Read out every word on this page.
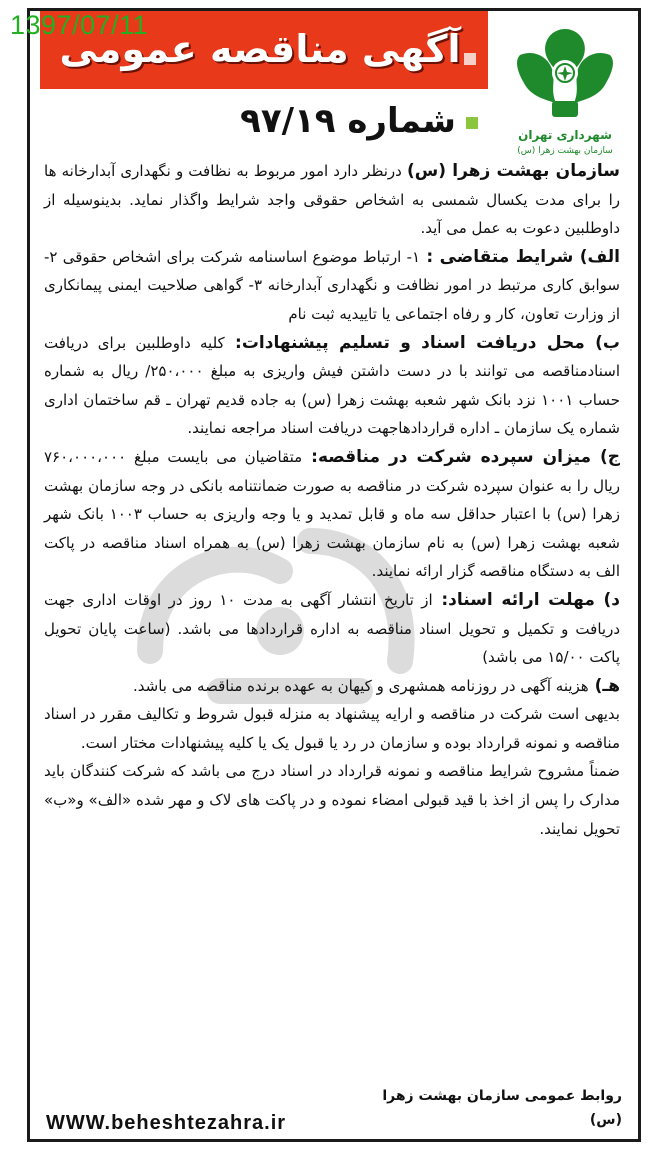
1397/07/11
آگهی مناقصه عمومی
شهرداری تهران
سازمان بهشت زهرا (س)
شماره ۹۷/۱۹

سازمان بهشت زهرا (س) درنظر دارد امور مربوط به نظافت و نگهداری آبدارخانه ها را برای مدت یکسال شمسی به اشخاص حقوقی واجد شرایط واگذار نماید. بدینوسیله از داوطلبین دعوت به عمل می آید.

الف) شرایط متقاضی : ۱- ارتباط موضوع اساسنامه شرکت برای اشخاص حقوقی ۲- سوابق کاری مرتبط در امور نظافت و نگهداری آبدارخانه ۳- گواهی صلاحیت ایمنی پیمانکاری از وزارت تعاون، کار و رفاه اجتماعی یا تاییدیه ثبت نام

ب) محل دریافت اسناد و تسلیم پیشنهادات: کلیه داوطلبین برای دریافت اسنادمناقصه می توانند با در دست داشتن فیش واریزی به مبلغ ۲۵۰،۰۰۰/ ریال به شماره حساب ۱۰۰۱ نزد بانک شهر شعبه بهشت زهرا (س) به جاده قدیم تهران ـ قم ساختمان اداری شماره یک سازمان ـ اداره قراردادهاجهت دریافت اسناد مراجعه نمایند.

ج) میزان سپرده شرکت در مناقصه: متقاضیان می بایست مبلغ ۷۶۰،۰۰۰،۰۰۰ ریال را به عنوان سپرده شرکت در مناقصه به صورت ضمانتنامه بانکی در وجه سازمان بهشت زهرا (س) با اعتبار حداقل سه ماه و قابل تمدید و یا وجه واریزی به حساب ۱۰۰۳ بانک شهر شعبه بهشت زهرا (س) به نام سازمان بهشت زهرا (س) به همراه اسناد مناقصه در پاکت الف به دستگاه مناقصه گزار ارائه نمایند.

د) مهلت ارائه اسناد: از تاریخ انتشار آگهی به مدت ۱۰ روز در اوقات اداری جهت دریافت و تکمیل و تحویل اسناد مناقصه به اداره قراردادها می باشد. (ساعت پایان تحویل پاکت ۱۵/۰۰ می باشد)

هـ) هزینه آگهی در روزنامه همشهری و کیهان به عهده برنده مناقصه می باشد.

بدیهی است شرکت در مناقصه و ارایه پیشنهاد به منزله قبول شروط و تکالیف مقرر در اسناد مناقصه و نمونه قرارداد بوده و سازمان در رد یا قبول یک یا کلیه پیشنهادات مختار است.

ضمناً مشروح شرایط مناقصه و نمونه قرارداد در اسناد درج می باشد که شرکت کنندگان باید مدارک را پس از اخذ با قید قبولی امضاء نموده و در پاکت های لاک و مهر شده «الف» و«ب» تحویل نمایند.

روابط عمومی سازمان بهشت زهرا (س)
WWW.beheshtezahra.ir
